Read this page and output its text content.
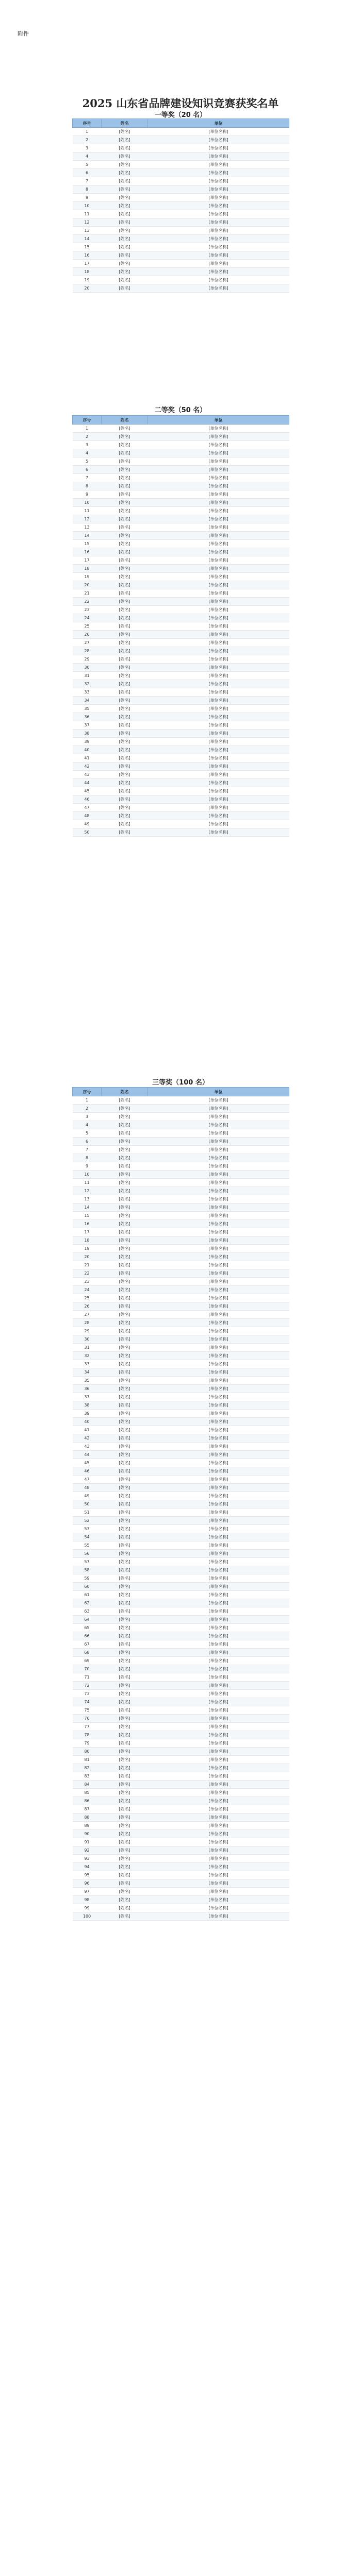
附件
2025 山东省品牌建设知识竞赛获奖名单
一等奖（20 名）
序号	姓名	单位
1	[姓名]	[单位名称]
2	[姓名]	[单位名称]
3	[姓名]	[单位名称]
4	[姓名]	[单位名称]
5	[姓名]	[单位名称]
6	[姓名]	[单位名称]
7	[姓名]	[单位名称]
8	[姓名]	[单位名称]
9	[姓名]	[单位名称]
10	[姓名]	[单位名称]
11	[姓名]	[单位名称]
12	[姓名]	[单位名称]
13	[姓名]	[单位名称]
14	[姓名]	[单位名称]
15	[姓名]	[单位名称]
16	[姓名]	[单位名称]
17	[姓名]	[单位名称]
18	[姓名]	[单位名称]
19	[姓名]	[单位名称]
20	[姓名]	[单位名称]
二等奖（50 名）
序号	姓名	单位
1	[姓名]	[单位名称]
2	[姓名]	[单位名称]
3	[姓名]	[单位名称]
4	[姓名]	[单位名称]
5	[姓名]	[单位名称]
6	[姓名]	[单位名称]
7	[姓名]	[单位名称]
8	[姓名]	[单位名称]
9	[姓名]	[单位名称]
10	[姓名]	[单位名称]
11	[姓名]	[单位名称]
12	[姓名]	[单位名称]
13	[姓名]	[单位名称]
14	[姓名]	[单位名称]
15	[姓名]	[单位名称]
16	[姓名]	[单位名称]
17	[姓名]	[单位名称]
18	[姓名]	[单位名称]
19	[姓名]	[单位名称]
20	[姓名]	[单位名称]
21	[姓名]	[单位名称]
22	[姓名]	[单位名称]
23	[姓名]	[单位名称]
24	[姓名]	[单位名称]
25	[姓名]	[单位名称]
26	[姓名]	[单位名称]
27	[姓名]	[单位名称]
28	[姓名]	[单位名称]
29	[姓名]	[单位名称]
30	[姓名]	[单位名称]
31	[姓名]	[单位名称]
32	[姓名]	[单位名称]
33	[姓名]	[单位名称]
34	[姓名]	[单位名称]
35	[姓名]	[单位名称]
36	[姓名]	[单位名称]
37	[姓名]	[单位名称]
38	[姓名]	[单位名称]
39	[姓名]	[单位名称]
40	[姓名]	[单位名称]
41	[姓名]	[单位名称]
42	[姓名]	[单位名称]
43	[姓名]	[单位名称]
44	[姓名]	[单位名称]
45	[姓名]	[单位名称]
46	[姓名]	[单位名称]
47	[姓名]	[单位名称]
48	[姓名]	[单位名称]
49	[姓名]	[单位名称]
50	[姓名]	[单位名称]
三等奖（100 名）
序号	姓名	单位
1	[姓名]	[单位名称]
2	[姓名]	[单位名称]
3	[姓名]	[单位名称]
4	[姓名]	[单位名称]
5	[姓名]	[单位名称]
6	[姓名]	[单位名称]
7	[姓名]	[单位名称]
8	[姓名]	[单位名称]
9	[姓名]	[单位名称]
10	[姓名]	[单位名称]
11	[姓名]	[单位名称]
12	[姓名]	[单位名称]
13	[姓名]	[单位名称]
14	[姓名]	[单位名称]
15	[姓名]	[单位名称]
16	[姓名]	[单位名称]
17	[姓名]	[单位名称]
18	[姓名]	[单位名称]
19	[姓名]	[单位名称]
20	[姓名]	[单位名称]
21	[姓名]	[单位名称]
22	[姓名]	[单位名称]
23	[姓名]	[单位名称]
24	[姓名]	[单位名称]
25	[姓名]	[单位名称]
26	[姓名]	[单位名称]
27	[姓名]	[单位名称]
28	[姓名]	[单位名称]
29	[姓名]	[单位名称]
30	[姓名]	[单位名称]
31	[姓名]	[单位名称]
32	[姓名]	[单位名称]
33	[姓名]	[单位名称]
34	[姓名]	[单位名称]
35	[姓名]	[单位名称]
36	[姓名]	[单位名称]
37	[姓名]	[单位名称]
38	[姓名]	[单位名称]
39	[姓名]	[单位名称]
40	[姓名]	[单位名称]
41	[姓名]	[单位名称]
42	[姓名]	[单位名称]
43	[姓名]	[单位名称]
44	[姓名]	[单位名称]
45	[姓名]	[单位名称]
46	[姓名]	[单位名称]
47	[姓名]	[单位名称]
48	[姓名]	[单位名称]
49	[姓名]	[单位名称]
50	[姓名]	[单位名称]
51	[姓名]	[单位名称]
52	[姓名]	[单位名称]
53	[姓名]	[单位名称]
54	[姓名]	[单位名称]
55	[姓名]	[单位名称]
56	[姓名]	[单位名称]
57	[姓名]	[单位名称]
58	[姓名]	[单位名称]
59	[姓名]	[单位名称]
60	[姓名]	[单位名称]
61	[姓名]	[单位名称]
62	[姓名]	[单位名称]
63	[姓名]	[单位名称]
64	[姓名]	[单位名称]
65	[姓名]	[单位名称]
66	[姓名]	[单位名称]
67	[姓名]	[单位名称]
68	[姓名]	[单位名称]
69	[姓名]	[单位名称]
70	[姓名]	[单位名称]
71	[姓名]	[单位名称]
72	[姓名]	[单位名称]
73	[姓名]	[单位名称]
74	[姓名]	[单位名称]
75	[姓名]	[单位名称]
76	[姓名]	[单位名称]
77	[姓名]	[单位名称]
78	[姓名]	[单位名称]
79	[姓名]	[单位名称]
80	[姓名]	[单位名称]
81	[姓名]	[单位名称]
82	[姓名]	[单位名称]
83	[姓名]	[单位名称]
84	[姓名]	[单位名称]
85	[姓名]	[单位名称]
86	[姓名]	[单位名称]
87	[姓名]	[单位名称]
88	[姓名]	[单位名称]
89	[姓名]	[单位名称]
90	[姓名]	[单位名称]
91	[姓名]	[单位名称]
92	[姓名]	[单位名称]
93	[姓名]	[单位名称]
94	[姓名]	[单位名称]
95	[姓名]	[单位名称]
96	[姓名]	[单位名称]
97	[姓名]	[单位名称]
98	[姓名]	[单位名称]
99	[姓名]	[单位名称]
100	[姓名]	[单位名称]
